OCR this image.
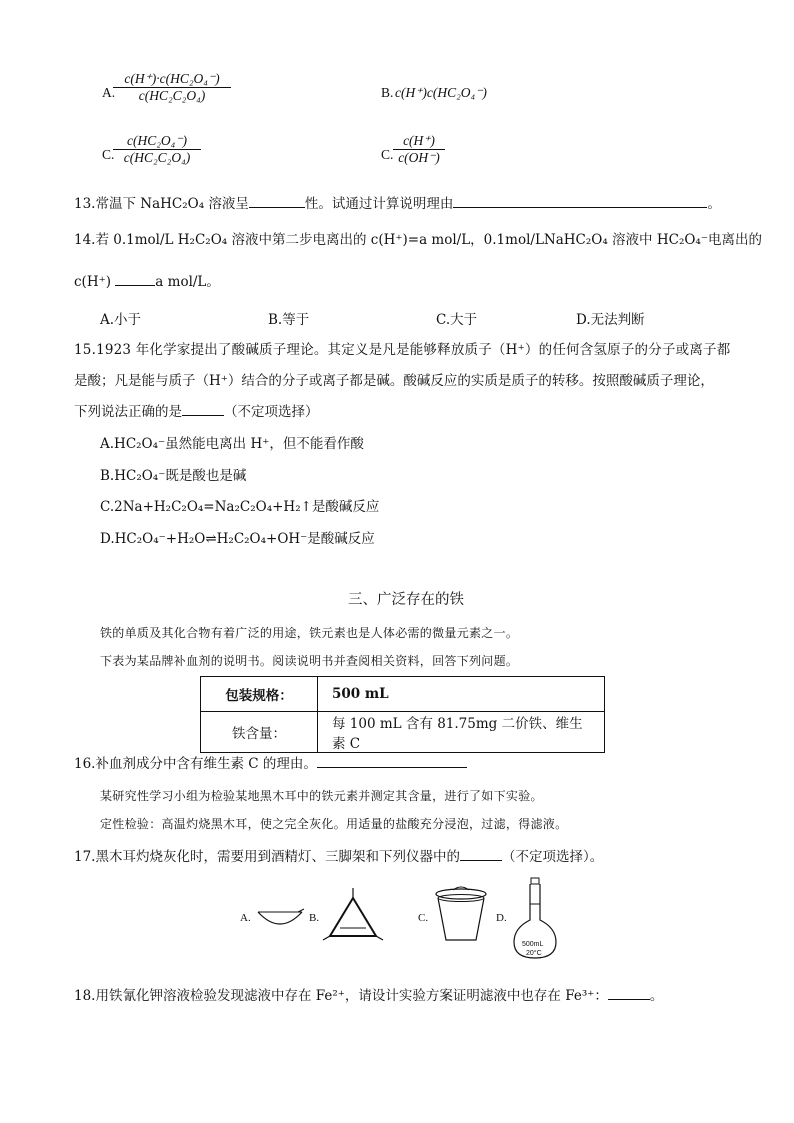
A.
$\frac{\text{c(H⁺)·c(HC₂O₄⁻)}}{\text{c(HC₂C₂O₄)}}$	B. c(H⁺)c(HC₂O₄⁻)
C.
$\frac{\text{c(HC₂O₄⁻)}}{\text{c(HC₂C₂O₄)}}$	C. $\frac{c(H^+)}{c(OH^-)}$
13.常温下 NaHC₂O₄ 溶液呈	性。试通过计算说明理由	。
14.若 0.1mol/L H₂C₂O₄ 溶液中第二步电离出的 c(H⁺)=a mol/L，0.1mol/LNaHC₂O₄ 溶液中 HC₂O₄⁻电离出的
c(H⁺)	a mol/L。
A.小于	B.等于	C.大于	D.无法判断
15.1923 年化学家提出了酸碱质子理论。其定义是凡是能够释放质子（H⁺）的任何含氢原子的分子或离子都
是酸；凡是能与质子（H⁺）结合的分子或离子都是碱。酸碱反应的实质是质子的转移。按照酸碱质子理论，
下列说法正确的是	（不定项选择）
A.HC₂O₄⁻虽然能电离出 H⁺，但不能看作酸
B.HC₂O₄⁻既是酸也是碱
C.2Na+H₂C₂O₄=Na₂C₂O₄+H₂↑是酸碱反应
D.HC₂O₄⁻+H₂O⇌H₂C₂O₄+OH⁻是酸碱反应
三、广泛存在的铁
铁的单质及其化合物有着广泛的用途，铁元素也是人体必需的微量元素之一。
下表为某品牌补血剂的说明书。阅读说明书并查阅相关资料，回答下列问题。
包装规格：	500 mL
铁含量：	每 100 mL 含有 81.75mg 二价铁、维生素 C
16.补血剂成分中含有维生素 C 的理由。
某研究性学习小组为检验某地黑木耳中的铁元素并测定其含量，进行了如下实验。
定性检验：高温灼烧黑木耳，使之完全灰化。用适量的盐酸充分浸泡，过滤，得滤液。
17.黑木耳灼烧灰化时，需要用到酒精灯、三脚架和下列仪器中的	（不定项选择）。
A.	B.	C.	D.
500mL
20°C
18.用铁氰化钾溶液检验发现滤液中存在 Fe²⁺，请设计实验方案证明滤液中也存在 Fe³⁺：	。
